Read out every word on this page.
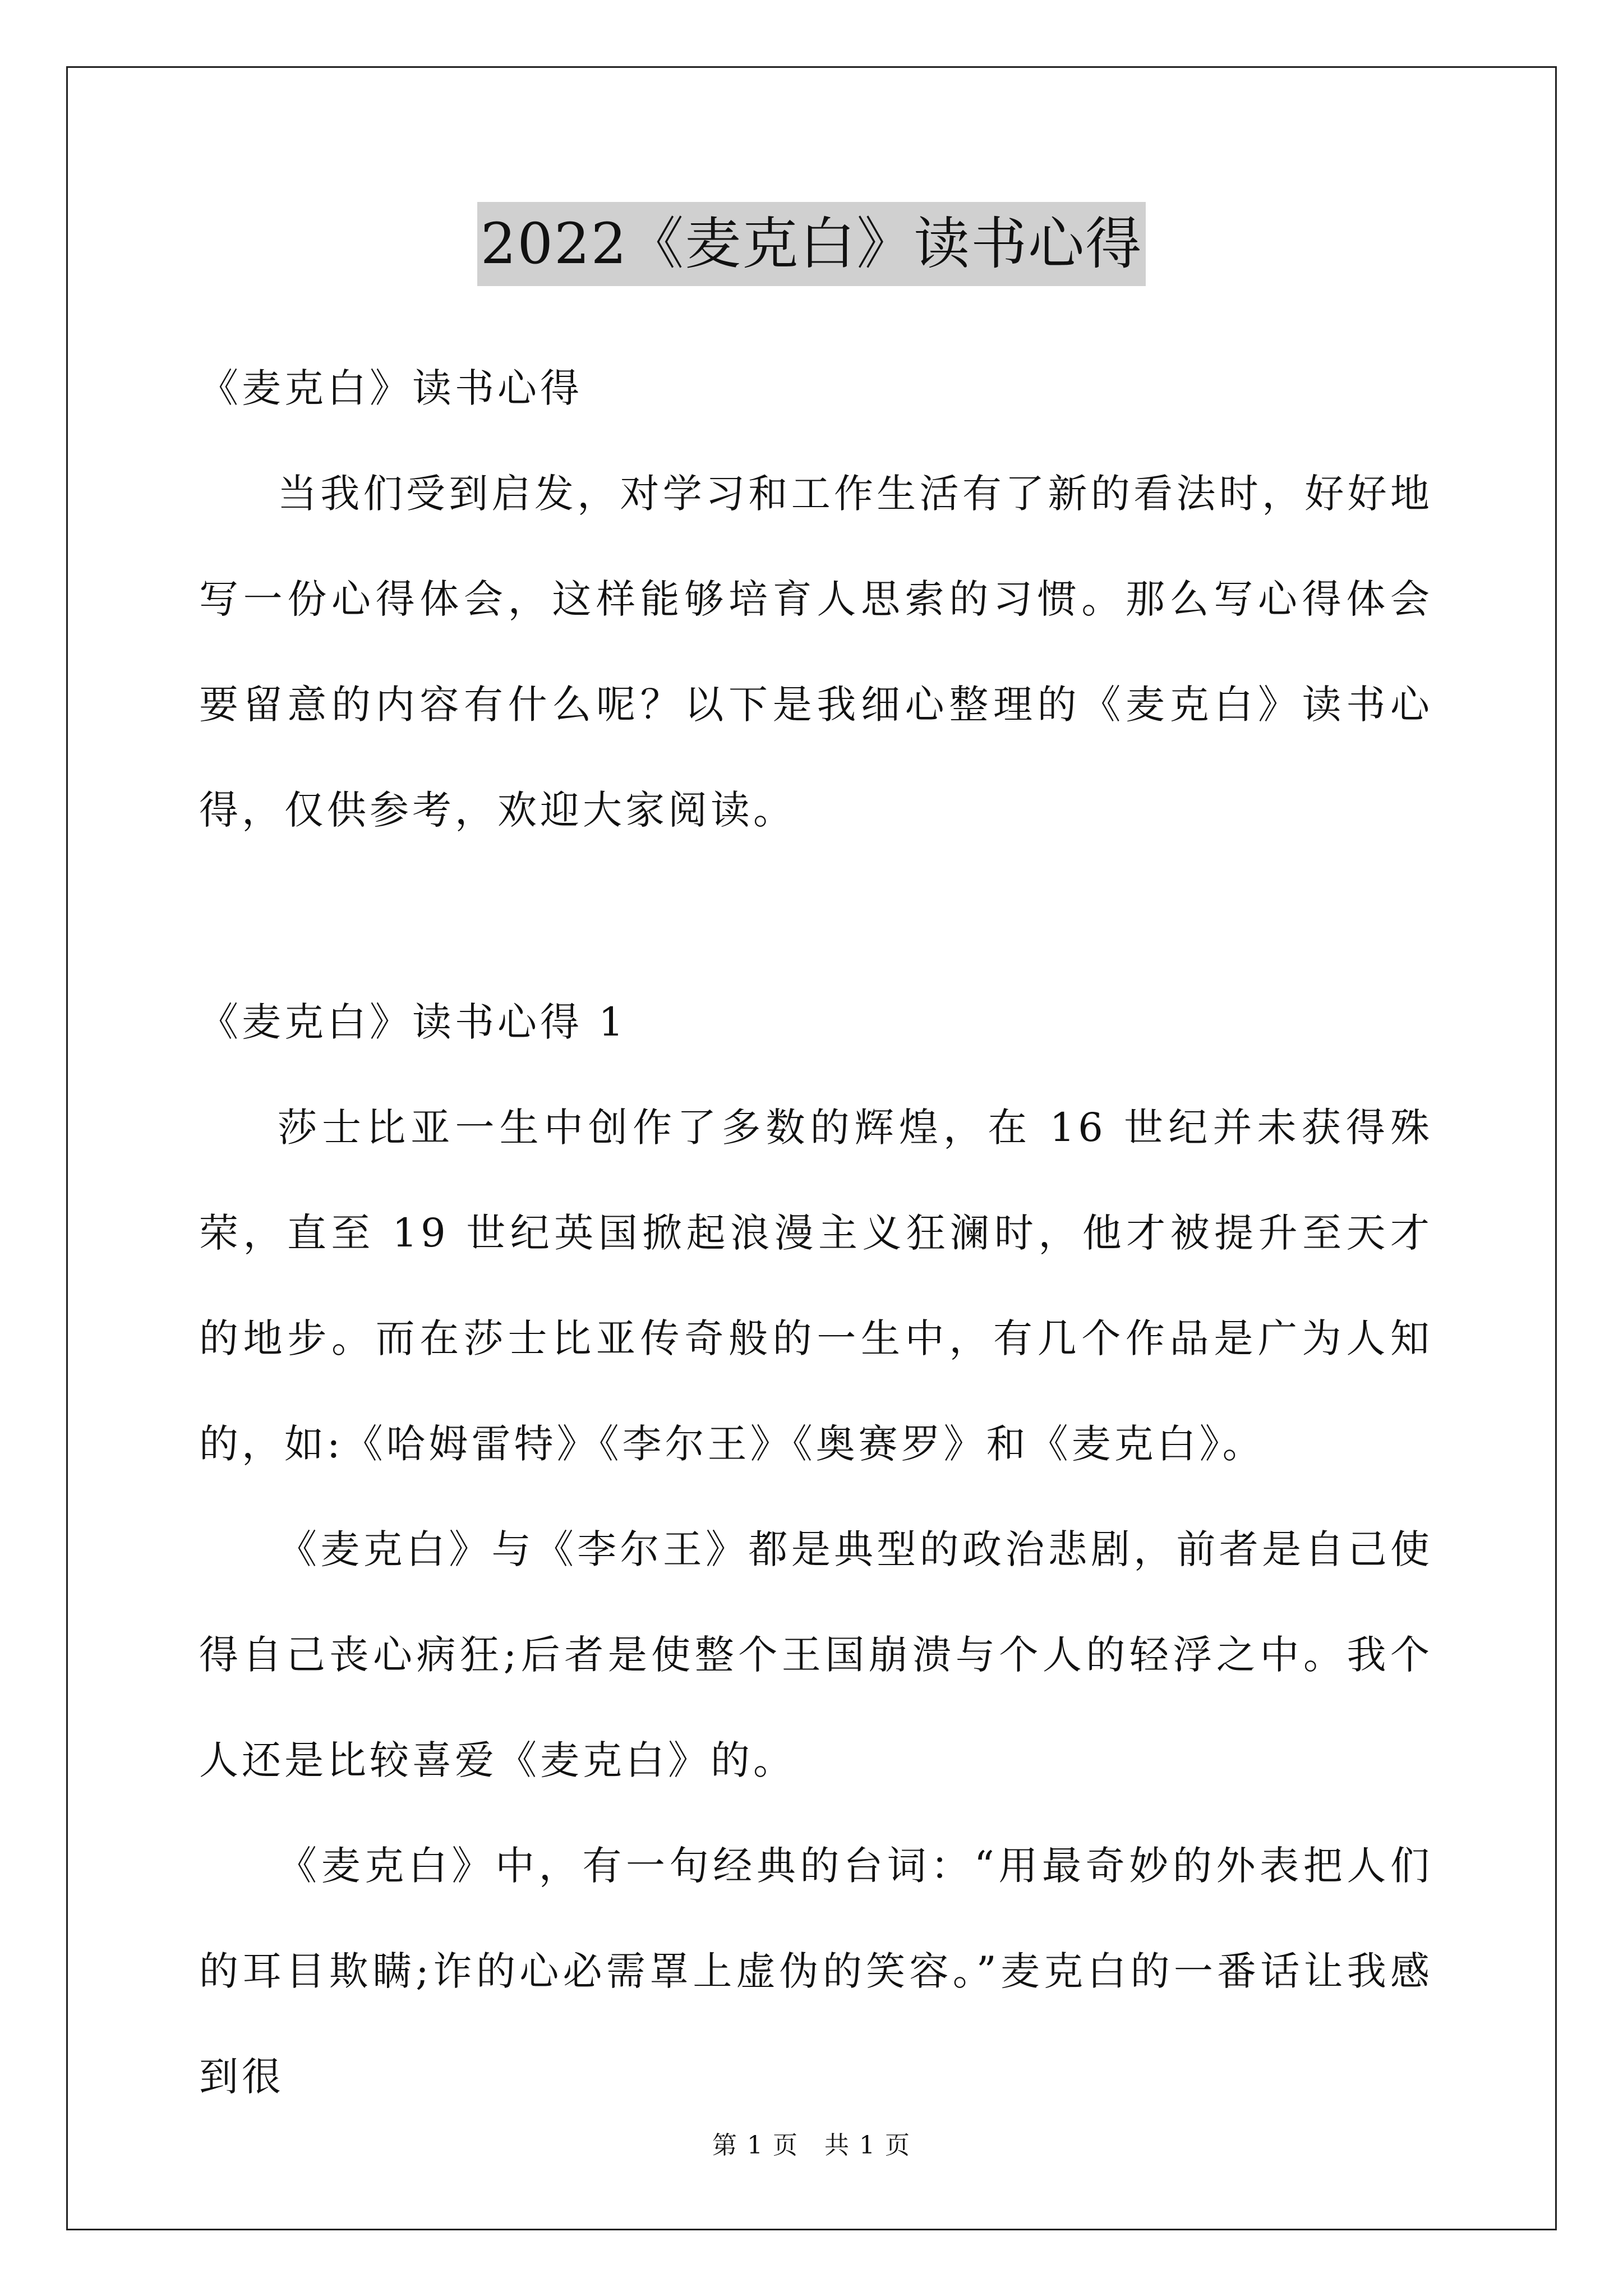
2022《麦克白》读书心得

《麦克白》读书心得

当我们受到启发，对学习和工作生活有了新的看法时，好好地写一份心得体会，这样能够培育人思索的习惯。那么写心得体会要留意的内容有什么呢？以下是我细心整理的《麦克白》读书心得，仅供参考，欢迎大家阅读。

《麦克白》读书心得 1

莎士比亚一生中创作了多数的辉煌，在 16 世纪并未获得殊荣，直至 19 世纪英国掀起浪漫主义狂澜时，他才被提升至天才的地步。而在莎士比亚传奇般的一生中，有几个作品是广为人知的，如:《哈姆雷特》《李尔王》《奥赛罗》和《麦克白》。

《麦克白》与《李尔王》都是典型的政治悲剧，前者是自己使得自己丧心病狂;后者是使整个王国崩溃与个人的轻浮之中。我个人还是比较喜爱《麦克白》的。

《麦克白》中，有一句经典的台词：“用最奇妙的外表把人们的耳目欺瞒;诈的心必需罩上虚伪的笑容。”麦克白的一番话让我感到很

第 1 页　共 1 页
